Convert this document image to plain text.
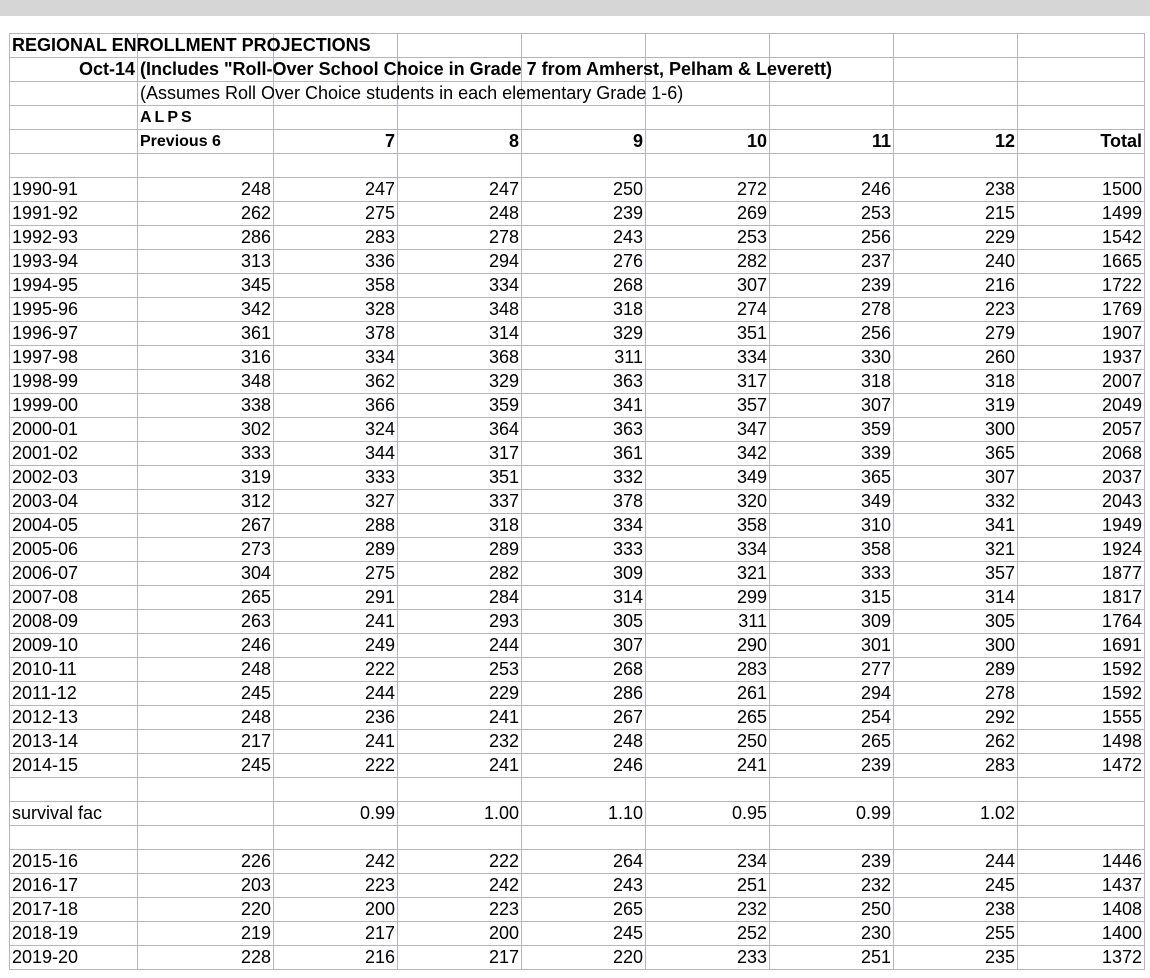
REGIONAL ENROLLMENT PROJECTIONS								

Oct-14	(Includes "Roll-Over School Choice in Grade 7 from Amherst, Pelham & Leverett)							

	(Assumes Roll Over Choice students in each elementary Grade 1-6)							

	ALPS							
	Previous 6	7	8	9	10	11	12	Total

1990-91	248	247	247	250	272	246	238	1500
1991-92	262	275	248	239	269	253	215	1499
1992-93	286	283	278	243	253	256	229	1542
1993-94	313	336	294	276	282	237	240	1665
1994-95	345	358	334	268	307	239	216	1722
1995-96	342	328	348	318	274	278	223	1769
1996-97	361	378	314	329	351	256	279	1907
1997-98	316	334	368	311	334	330	260	1937
1998-99	348	362	329	363	317	318	318	2007
1999-00	338	366	359	341	357	307	319	2049
2000-01	302	324	364	363	347	359	300	2057
2001-02	333	344	317	361	342	339	365	2068
2002-03	319	333	351	332	349	365	307	2037
2003-04	312	327	337	378	320	349	332	2043
2004-05	267	288	318	334	358	310	341	1949
2005-06	273	289	289	333	334	358	321	1924
2006-07	304	275	282	309	321	333	357	1877
2007-08	265	291	284	314	299	315	314	1817
2008-09	263	241	293	305	311	309	305	1764
2009-10	246	249	244	307	290	301	300	1691
2010-11	248	222	253	268	283	277	289	1592
2011-12	245	244	229	286	261	294	278	1592
2012-13	248	236	241	267	265	254	292	1555
2013-14	217	241	232	248	250	265	262	1498
2014-15	245	222	241	246	241	239	283	1472

survival fac		0.99	1.00	1.10	0.95	0.99	1.02	

2015-16	226	242	222	264	234	239	244	1446
2016-17	203	223	242	243	251	232	245	1437
2017-18	220	200	223	265	232	250	238	1408
2018-19	219	217	200	245	252	230	255	1400
2019-20	228	216	217	220	233	251	235	1372
